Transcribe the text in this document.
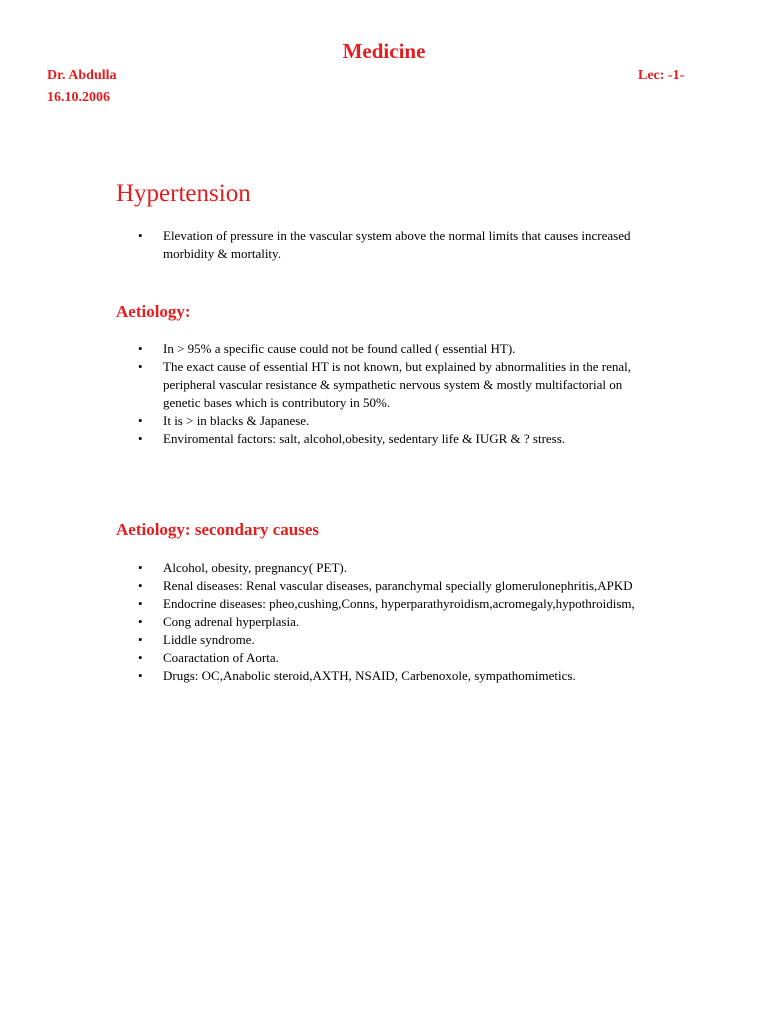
Medicine
Dr. Abdulla	Lec: -1-
16.10.2006
Hypertension
•	Elevation of pressure in the vascular system above the normal limits that causes increased morbidity & mortality.
Aetiology:
•	In > 95% a specific cause could not be found called ( essential HT).
•	The exact cause of essential HT is not known, but explained by abnormalities in the renal, peripheral vascular resistance & sympathetic nervous system & mostly multifactorial on genetic bases which is contributory in 50%.
•	It is > in blacks & Japanese.
•	Enviromental factors: salt, alcohol,obesity, sedentary life & IUGR & ? stress.
Aetiology: secondary causes
•	Alcohol, obesity, pregnancy( PET).
•	Renal diseases: Renal vascular diseases, paranchymal specially glomerulonephritis,APKD
•	Endocrine diseases: pheo,cushing,Conns, hyperparathyroidism,acromegaly,hypothroidism,
•	Cong adrenal hyperplasia.
•	Liddle syndrome.
•	Coaractation of Aorta.
•	Drugs: OC,Anabolic steroid,AXTH, NSAID, Carbenoxole, sympathomimetics.
